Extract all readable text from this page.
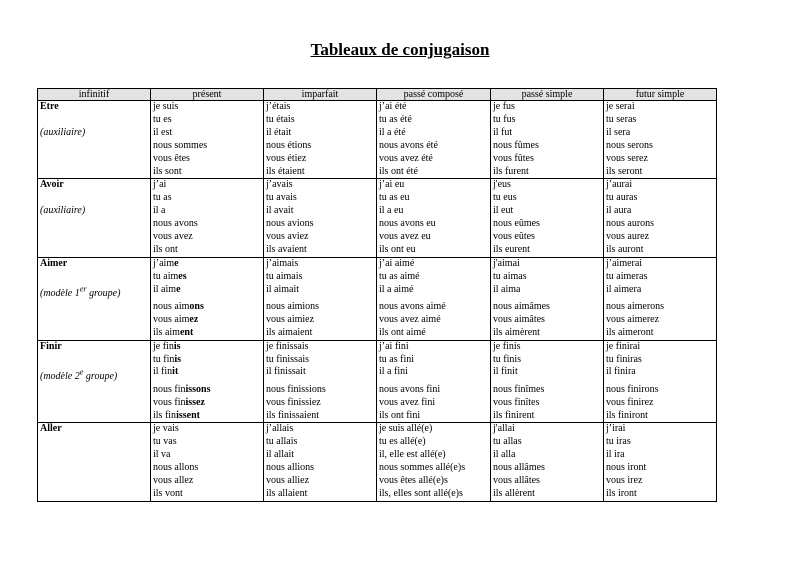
Tableaux de conjugaison
infinitif	présent	imparfait	passé composé	passé simple	futur simple
Etre	je suis	j’étais	j’ai été	je fus	je serai
	tu es	tu étais	tu as été	tu fus	tu seras
(auxiliaire)	il est	il était	il a été	il fut	il sera
	nous sommes	nous étions	nous avons été	nous fûmes	nous serons
	vous êtes	vous étiez	vous avez été	vous fûtes	vous serez
	ils sont	ils étaient	ils ont été	ils furent	ils seront
Avoir	j’ai	j’avais	j’ai eu	j'eus	j’aurai
	tu as	tu avais	tu as eu	tu eus	tu auras
(auxiliaire)	il a	il avait	il a eu	il eut	il aura
	nous avons	nous avions	nous avons eu	nous eûmes	nous aurons
	vous avez	vous aviez	vous avez eu	vous eûtes	vous aurez
	ils ont	ils avaient	ils ont eu	ils eurent	ils auront
Aimer	j’aime	j’aimais	j’ai aimé	j'aimai	j’aimerai
	tu aimes	tu aimais	tu as aimé	tu aimas	tu aimeras
(modèle 1er groupe)	il aime	il aimait	il a aimé	il aima	il aimera
	nous aimons	nous aimions	nous avons aimé	nous aimâmes	nous aimerons
	vous aimez	vous aimiez	vous avez aimé	vous aimâtes	vous aimerez
	ils aiment	ils aimaient	ils ont aimé	ils aimèrent	ils aimeront
Finir	je finis	je finissais	j’ai fini	je finis	je finirai
	tu finis	tu finissais	tu as fini	tu finis	tu finiras
(modèle 2e groupe)	il finit	il finissait	il a fini	il finit	il finira
	nous finissons	nous finissions	nous avons fini	nous finîmes	nous finirons
	vous finissez	vous finissiez	vous avez fini	vous finîtes	vous finirez
	ils finissent	ils finissaient	ils ont fini	ils finirent	ils finiront
Aller	je vais	j’allais	je suis allé(e)	j'allai	j’irai
	tu vas	tu allais	tu es allé(e)	tu allas	tu iras
	il va	il allait	il, elle est allé(e)	il alla	il ira
	nous allons	nous allions	nous sommes allé(e)s	nous allâmes	nous iront
	vous allez	vous alliez	vous êtes allé(e)s	vous allâtes	vous irez
	ils vont	ils allaient	ils, elles sont allé(e)s	ils allèrent	ils iront
